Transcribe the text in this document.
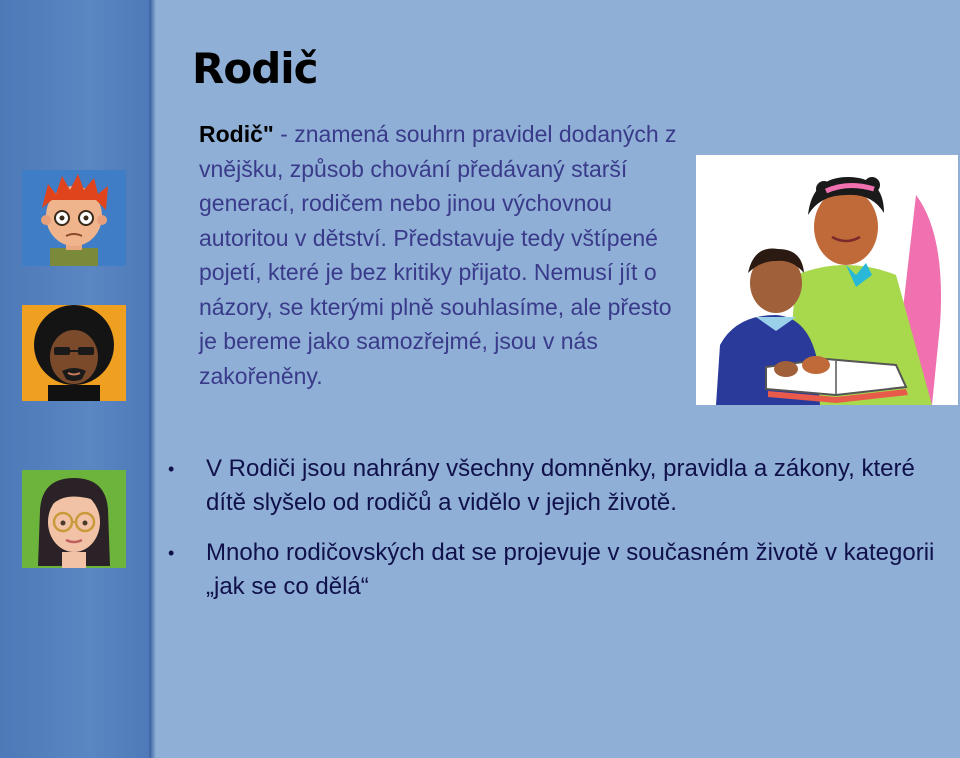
Rodič

Rodič" - znamená souhrn pravidel dodaných z vnějšku, způsob chování předávaný starší generací, rodičem nebo jinou výchovnou autoritou v dětství. Představuje tedy vštípené pojetí, které je bez kritiky přijato. Nemusí jít o názory, se kterými plně souhlasíme, ale přesto je bereme jako samozřejmé, jsou v nás zakořeněny.

• V Rodiči jsou nahrány všechny domněnky, pravidla a zákony, které dítě slyšelo od rodičů a vidělo v jejich životě.
• Mnoho rodičovských dat se projevuje v současném životě v kategorii „jak se co dělá“
